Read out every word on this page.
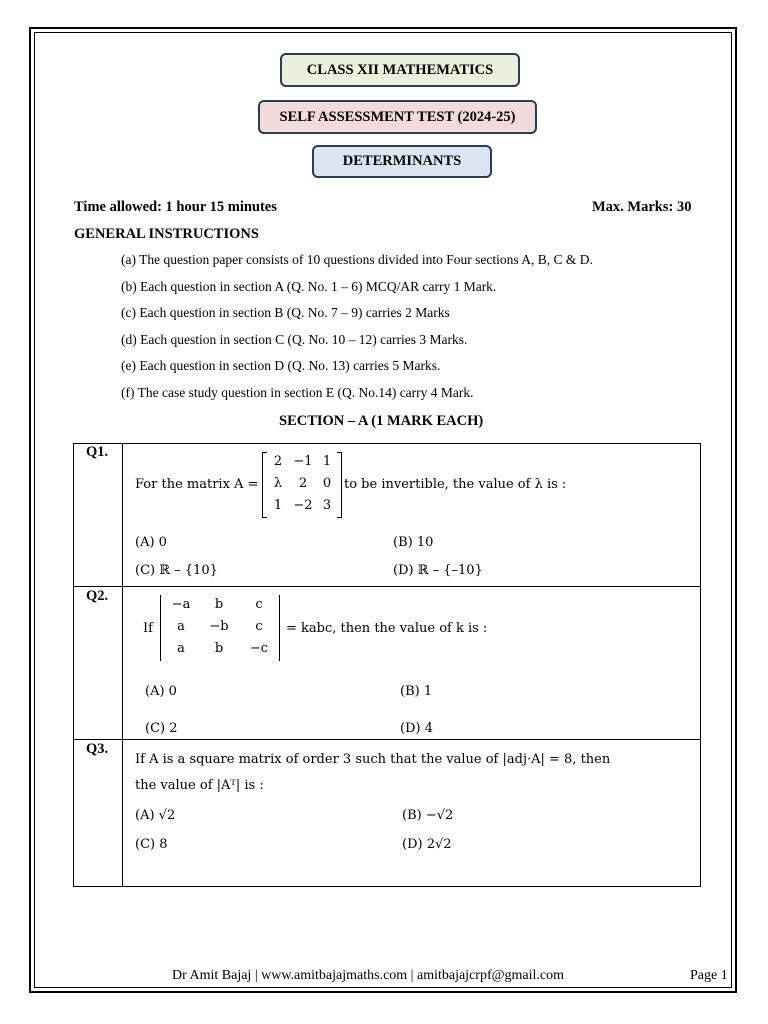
CLASS XII MATHEMATICS
SELF ASSESSMENT TEST (2024-25)
DETERMINANTS
Time allowed: 1 hour 15 minutes	Max. Marks: 30
GENERAL INSTRUCTIONS
(a) The question paper consists of 10 questions divided into Four sections A, B, C & D.
(b) Each question in section A (Q. No. 1 – 6) MCQ/AR carry 1 Mark.
(c) Each question in section B (Q. No. 7 – 9) carries 2 Marks
(d) Each question in section C (Q. No. 10 – 12) carries 3 Marks.
(e) Each question in section D (Q. No. 13) carries 5 Marks.
(f) The case study question in section E (Q. No.14) carry 4 Mark.
SECTION – A (1 MARK EACH)
Q1.
For the matrix A =
2 −1 1
λ	2	0
1 −2 3
to be invertible, the value of λ is :
(A) 0	(B) 10
(C) ℝ – {10}	(D) ℝ – {–10}
Q2.
If
−a	b	c
a	−b	c
a	b	−c
= kabc, then the value of k is :
(A) 0	(B) 1
(C) 2	(D) 4
Q3.
If A is a square matrix of order 3 such that the value of |adj·A| = 8, then
the value of |Aᵀ| is :
(A) √2	(B) −√2
(C) 8	(D) 2√2
Dr Amit Bajaj | www.amitbajajmaths.com | amitbajajcrpf@gmail.com	Page 1
